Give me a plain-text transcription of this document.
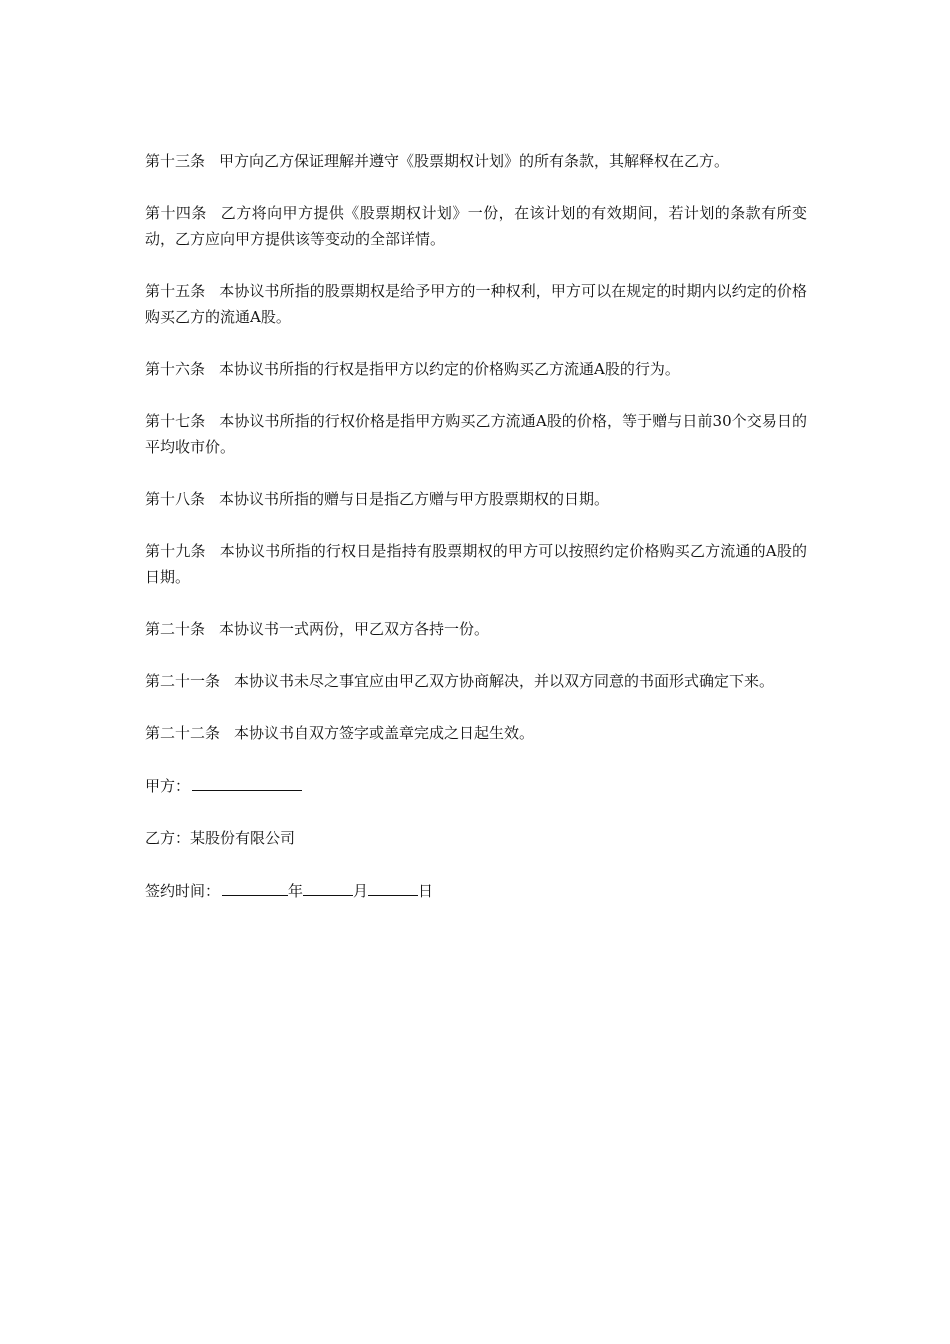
第十三条 甲方向乙方保证理解并遵守《股票期权计划》的所有条款，其解释权在乙方。

第十四条 乙方将向甲方提供《股票期权计划》一份，在该计划的有效期间，若计划的条款有所变动，乙方应向甲方提供该等变动的全部详情。

第十五条 本协议书所指的股票期权是给予甲方的一种权利，甲方可以在规定的时期内以约定的价格购买乙方的流通A股。

第十六条 本协议书所指的行权是指甲方以约定的价格购买乙方流通A股的行为。

第十七条 本协议书所指的行权价格是指甲方购买乙方流通A股的价格，等于赠与日前30个交易日的平均收市价。

第十八条 本协议书所指的赠与日是指乙方赠与甲方股票期权的日期。

第十九条 本协议书所指的行权日是指持有股票期权的甲方可以按照约定价格购买乙方流通的A股的日期。

第二十条 本协议书一式两份，甲乙双方各持一份。

第二十一条 本协议书未尽之事宜应由甲乙双方协商解决，并以双方同意的书面形式确定下来。

第二十二条 本协议书自双方签字或盖章完成之日起生效。

甲方：

乙方：某股份有限公司

签约时间：	年	月	日
